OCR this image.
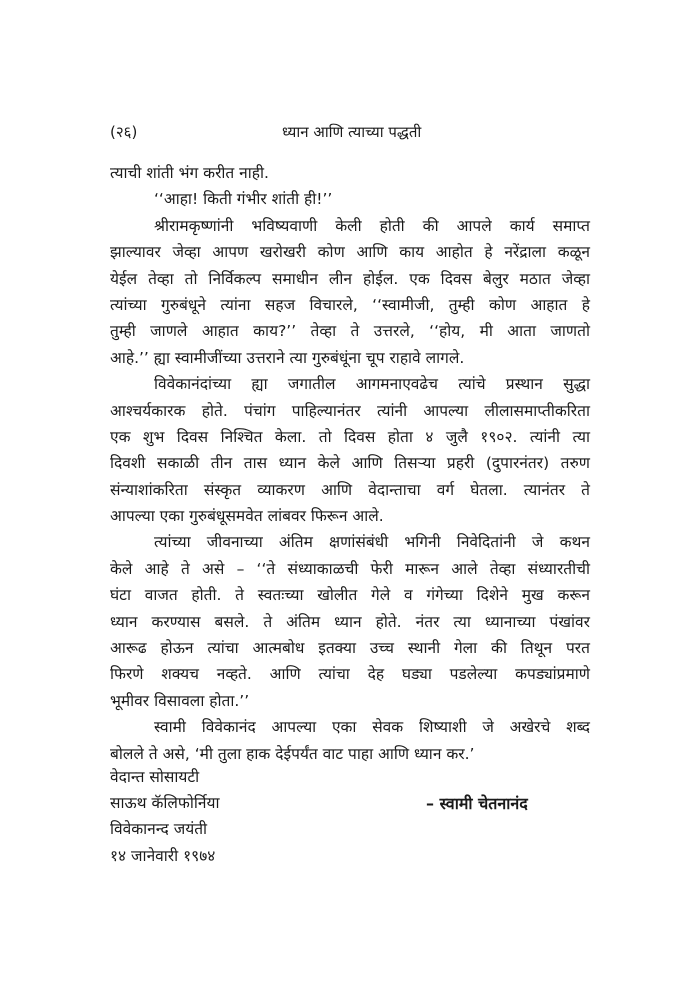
(२६)	ध्यान आणि त्याच्या पद्धती
त्याची शांती भंग करीत नाही.
‘‘आहा! किती गंभीर शांती ही!’’
श्रीरामकृष्णांनी भविष्यवाणी केली होती की आपले कार्य समाप्त
झाल्यावर जेव्हा आपण खरोखरी कोण आणि काय आहोत हे नरेंद्राला कळून
येईल तेव्हा तो निर्विकल्प समाधीन लीन होईल. एक दिवस बेलुर मठात जेव्हा
त्यांच्या गुरुबंधूने त्यांना सहज विचारले, ‘‘स्वामीजी, तुम्ही कोण आहात हे
तुम्ही जाणले आहात काय?’’ तेव्हा ते उत्तरले, ‘‘होय, मी आता जाणतो
आहे.’’ ह्या स्वामीजींच्या उत्तराने त्या गुरुबंधूंना चूप राहावे लागले.
विवेकानंदांच्या ह्या जगातील आगमनाएवढेच त्यांचे प्रस्थान सुद्धा
आश्चर्यकारक होते. पंचांग पाहिल्यानंतर त्यांनी आपल्या लीलासमाप्तीकरिता
एक शुभ दिवस निश्चित केला. तो दिवस होता ४ जुलै १९०२. त्यांनी त्या
दिवशी सकाळी तीन तास ध्यान केले आणि तिसऱ्या प्रहरी (दुपारनंतर) तरुण
संन्याशांकरिता संस्कृत व्याकरण आणि वेदान्ताचा वर्ग घेतला. त्यानंतर ते
आपल्या एका गुरुबंधूसमवेत लांबवर फिरून आले.
त्यांच्या जीवनाच्या अंतिम क्षणांसंबंधी भगिनी निवेदितांनी जे कथन
केले आहे ते असे – ‘‘ते संध्याकाळची फेरी मारून आले तेव्हा संध्यारतीची
घंटा वाजत होती. ते स्वतःच्या खोलीत गेले व गंगेच्या दिशेने मुख करून
ध्यान करण्यास बसले. ते अंतिम ध्यान होते. नंतर त्या ध्यानाच्या पंखांवर
आरूढ होऊन त्यांचा आत्मबोध इतक्या उच्च स्थानी गेला की तिथून परत
फिरणे शक्यच नव्हते. आणि त्यांचा देह घड्या पडलेल्या कपड्यांप्रमाणे
भूमीवर विसावला होता.’’
स्वामी विवेकानंद आपल्या एका सेवक शिष्याशी जे अखेरचे शब्द
बोलले ते असे, ‘मी तुला हाक देईपर्यंत वाट पाहा आणि ध्यान कर.’
वेदान्त सोसायटी
साऊथ कॅलिफोर्निया
विवेकानन्द जयंती
१४ जानेवारी १९७४
– स्वामी चेतनानंद
